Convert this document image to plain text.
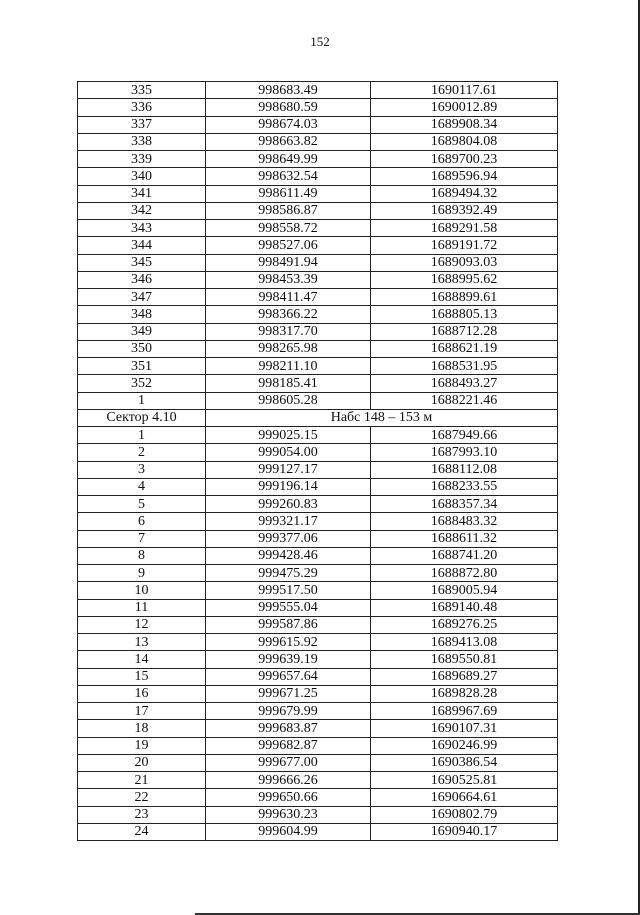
152
335	998683.49	1690117.61
336	998680.59	1690012.89
337	998674.03	1689908.34
338	998663.82	1689804.08
339	998649.99	1689700.23
340	998632.54	1689596.94
341	998611.49	1689494.32
342	998586.87	1689392.49
343	998558.72	1689291.58
344	998527.06	1689191.72
345	998491.94	1689093.03
346	998453.39	1688995.62
347	998411.47	1688899.61
348	998366.22	1688805.13
349	998317.70	1688712.28
350	998265.98	1688621.19
351	998211.10	1688531.95
352	998185.41	1688493.27
1	998605.28	1688221.46
Сектор 4.10	Набс 148 – 153 м	
1	999025.15	1687949.66
2	999054.00	1687993.10
3	999127.17	1688112.08
4	999196.14	1688233.55
5	999260.83	1688357.34
6	999321.17	1688483.32
7	999377.06	1688611.32
8	999428.46	1688741.20
9	999475.29	1688872.80
10	999517.50	1689005.94
11	999555.04	1689140.48
12	999587.86	1689276.25
13	999615.92	1689413.08
14	999639.19	1689550.81
15	999657.64	1689689.27
16	999671.25	1689828.28
17	999679.99	1689967.69
18	999683.87	1690107.31
19	999682.87	1690246.99
20	999677.00	1690386.54
21	999666.26	1690525.81
22	999650.66	1690664.61
23	999630.23	1690802.79
24	999604.99	1690940.17
